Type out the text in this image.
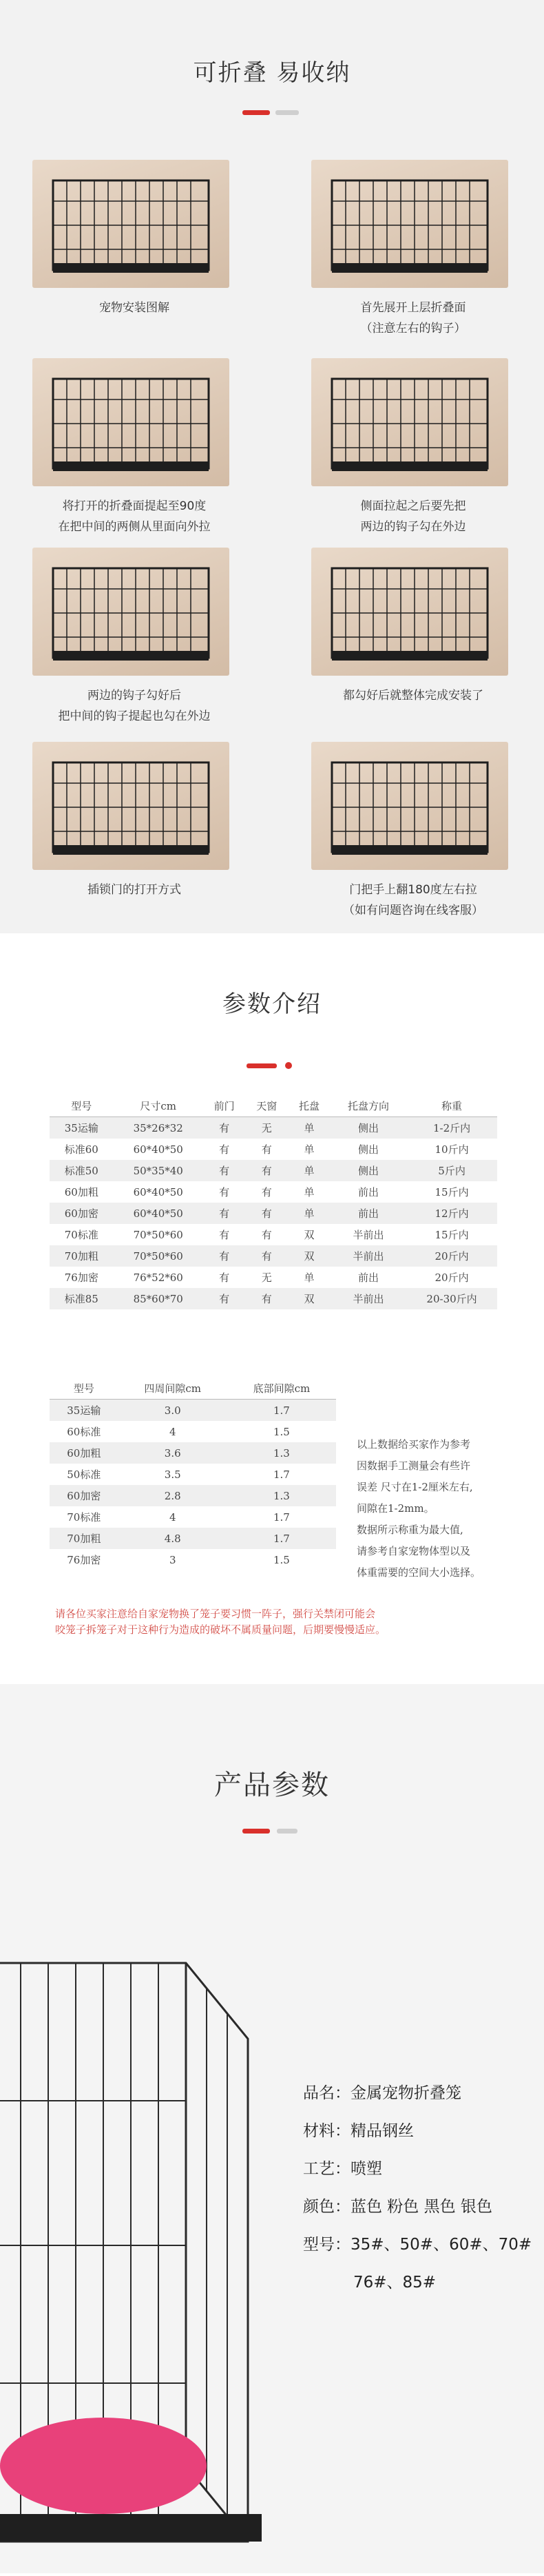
可折叠 易收纳
宠物安装图解	首先展开上层折叠面
（注意左右的钩子）
将打开的折叠面提起至90度
在把中间的两侧从里面向外拉
侧面拉起之后要先把
两边的钩子勾在外边
两边的钩子勾好后
把中间的钩子提起也勾在外边
都勾好后就整体完成安装了
插锁门的打开方式	门把手上翻180度左右拉
（如有问题咨询在线客服）
参数介绍
型号	尺寸cm	前门	天窗	托盘	托盘方向	称重
35运输	35*26*32	有	无	单	侧出	1-2斤内
标准60	60*40*50	有	有	单	侧出	10斤内
标准50	50*35*40	有	有	单	侧出	5斤内
60加粗	60*40*50	有	有	单	前出	15斤内
60加密	60*40*50	有	有	单	前出	12斤内
70标准	70*50*60	有	有	双	半前出	15斤内
70加粗	70*50*60	有	有	双	半前出	20斤内
76加密	76*52*60	有	无	单	前出	20斤内
标准85	85*60*70	有	有	双	半前出	20-30斤内
型号	四周间隙cm	底部间隙cm
35运输	3.0	1.7
60标准	4	1.5
60加粗	3.6	1.3
50标准	3.5	1.7
60加密	2.8	1.3
70标准	4	1.7
70加粗	4.8	1.7
76加密	3	1.5
以上数据给买家作为参考
因数据手工测量会有些许
误差 尺寸在1-2厘米左右,
间隙在1-2mm。
数据所示称重为最大值,
请参考自家宠物体型以及
体重需要的空间大小选择。
请各位买家注意给自家宠物换了笼子要习惯一阵子，强行关禁闭可能会
咬笼子拆笼子对于这种行为造成的破坏不属质量问题，后期要慢慢适应。
产品参数
品名：金属宠物折叠笼
材料：精品钢丝
工艺：喷塑
颜色：蓝色 粉色 黑色 银色
型号：35#、50#、60#、70#
76#、85#
